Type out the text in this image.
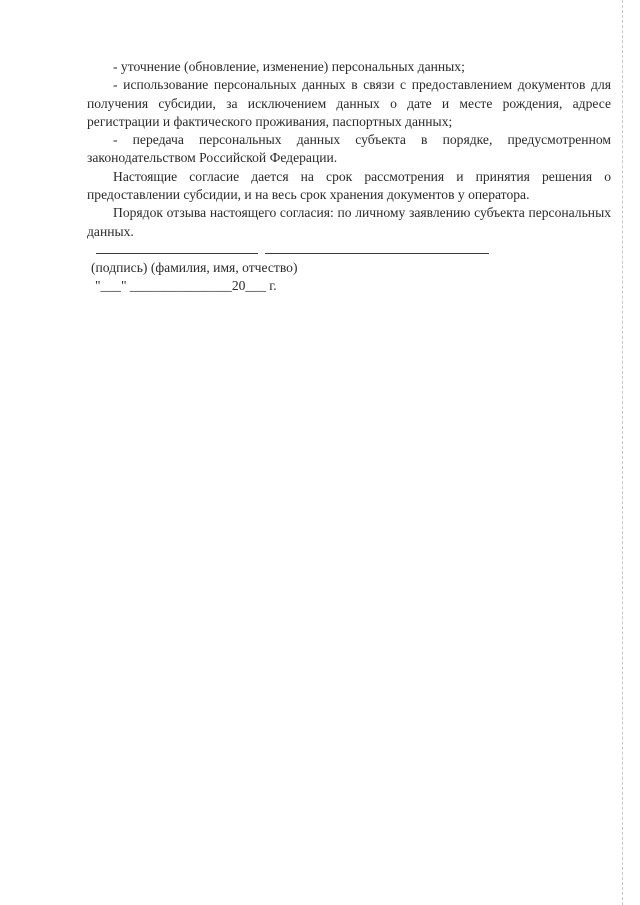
- уточнение (обновление, изменение) персональных данных;

- использование персональных данных в связи с предоставлением документов для получения субсидии, за исключением данных о дате и месте рождения, адресе регистрации и фактического проживания, паспортных данных;

- передача персональных данных субъекта в порядке, предусмотренном законодательством Российской Федерации.

Настоящие согласие дается на срок рассмотрения и принятия решения о предоставлении субсидии, и на весь срок хранения документов у оператора.

Порядок отзыва настоящего согласия: по личному заявлению субъекта персональных данных.

(подпись) (фамилия, имя, отчество)

"___" _______________20___ г.
